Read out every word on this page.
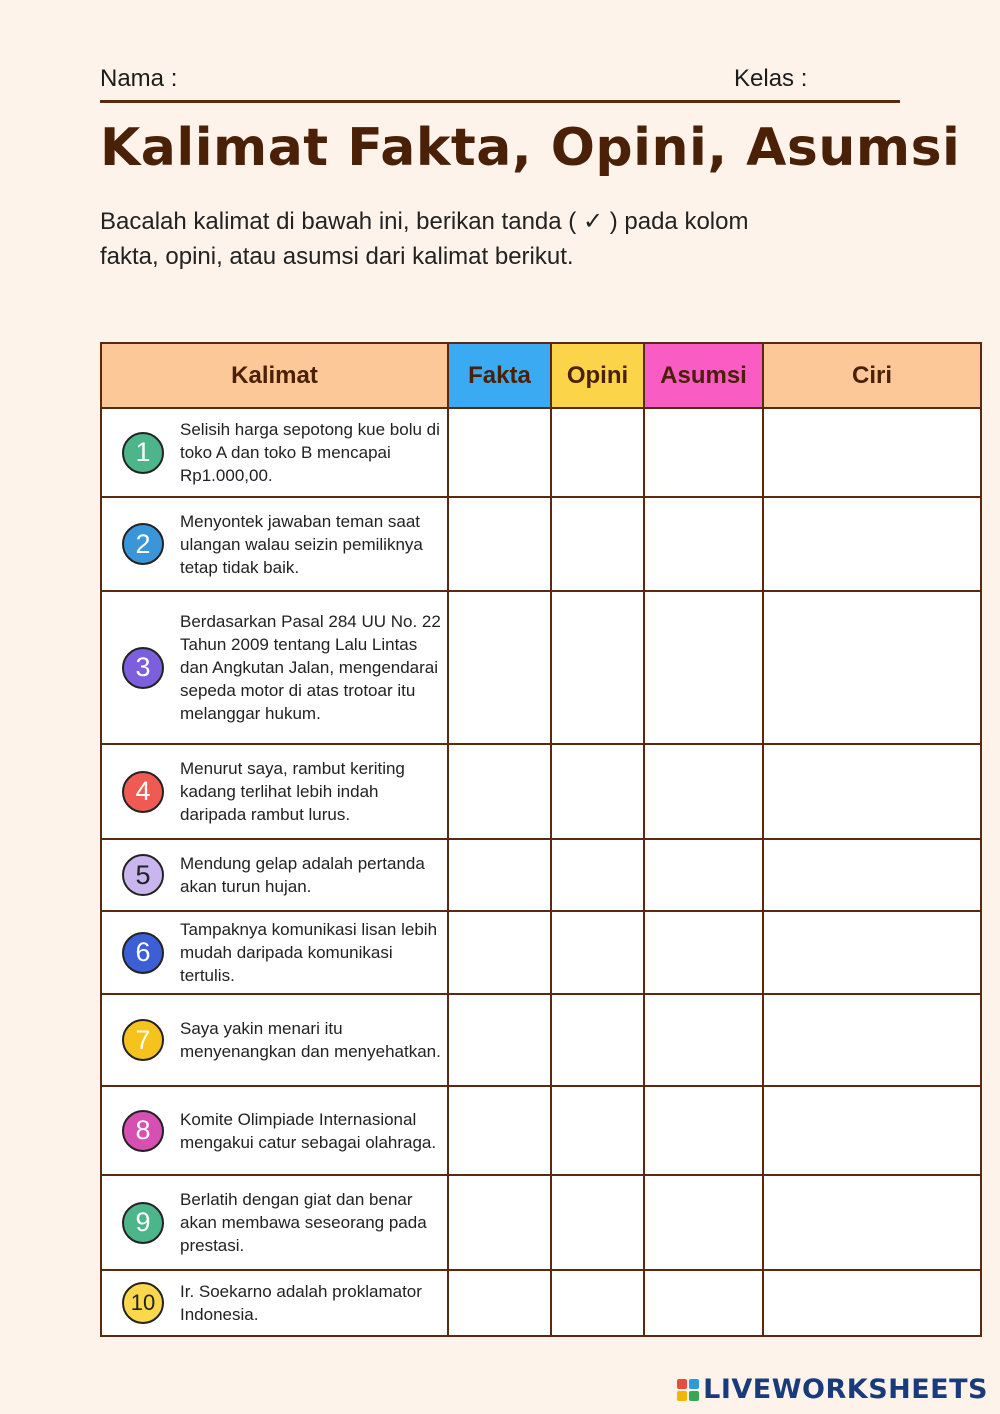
Nama :	Kelas :
Kalimat Fakta, Opini, Asumsi
Bacalah kalimat di bawah ini, berikan tanda ( ✓ ) pada kolom
fakta, opini, atau asumsi dari kalimat berikut.
Kalimat	Fakta	Opini	Asumsi	Ciri

1
Selisih harga sepotong kue bolu di toko A dan toko B mencapai Rp1.000,00.				

2
Menyontek jawaban teman saat ulangan walau seizin pemiliknya tetap tidak baik.				

3
Berdasarkan Pasal 284 UU No. 22 Tahun 2009 tentang Lalu Lintas dan Angkutan Jalan, mengendarai sepeda motor di atas trotoar itu melanggar hukum.				

4
Menurut saya, rambut keriting kadang terlihat lebih indah daripada rambut lurus.				

5 Mendung gelap adalah pertanda akan turun hujan.				

6
Tampaknya komunikasi lisan lebih mudah daripada komunikasi tertulis.				

7 Saya yakin menari itu menyenangkan dan menyehatkan.				

8 Komite Olimpiade Internasional mengakui catur sebagai olahraga.				

9
Berlatih dengan giat dan benar akan membawa seseorang pada prestasi.				

10 Ir. Soekarno adalah proklamator Indonesia.				

LIVEWORKSHEETS
